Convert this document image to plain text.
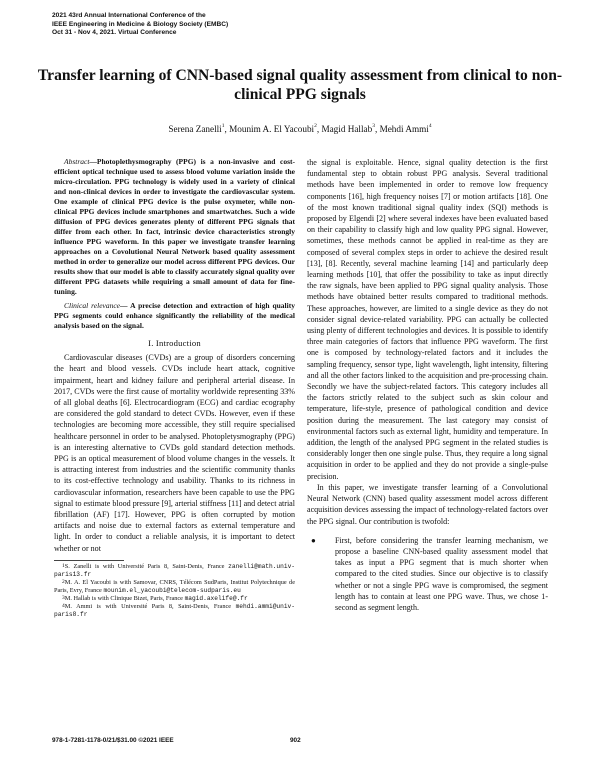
2021 43rd Annual International Conference of the
IEEE Engineering in Medicine & Biology Society (EMBC)
Oct 31 - Nov 4, 2021. Virtual Conference
Transfer learning of CNN-based signal quality assessment from clinical to non-clinical PPG signals
Serena Zanelli$^1$, Mounim A. El Yacoubi$^2$, Magid Hallab$^3$, Mehdi Ammi$^4$

Abstract—Photoplethysmography (PPG) is a non-invasive and cost-efficient optical technique used to assess blood volume variation inside the micro-circulation. PPG technology is widely used in a variety of clinical and non-clinical devices in order to investigate the cardiovascular system. One example of clinical PPG device is the pulse oxymeter, while non-clinical PPG devices include smartphones and smartwatches. Such a wide diffusion of PPG devices generates plenty of different PPG signals that differ from each other. In fact, intrinsic device characteristics strongly influence PPG waveform. In this paper we investigate transfer learning approaches on a Covolutional Neural Network based quality assessment method in order to generalize our model across different PPG devices. Our results show that our model is able to classify accurately signal quality over different PPG datasets while requiring a small amount of data for fine-tuning.

Clinical relevance— A precise detection and extraction of high quality PPG segments could enhance significantly the reliability of the medical analysis based on the signal.

I. Introduction

Cardiovascular diseases (CVDs) are a group of disorders concerning the heart and blood vessels. CVDs include heart attack, cognitive impairment, heart and kidney failure and peripheral arterial disease. In 2017, CVDs were the first cause of mortality worldwide representing 33% of all global deaths [6]. Electrocardiogram (ECG) and cardiac ecography are considered the gold standard to detect CVDs. However, even if these technologies are becoming more accessible, they still require specialised healthcare personnel in order to be analysed. Photopletysmography (PPG) is an interesting alternative to CVDs gold standard detection methods. PPG is an optical measurement of blood volume changes in the vessels. It is attracting interest from industries and the scientific community thanks to its cost-effective technology and usability. Thanks to its richness in cardiovascular information, researchers have been capable to use the PPG signal to estimate blood pressure [9], arterial stiffness [11] and detect atrial fibrillation (AF) [17]. However, PPG is often corrupted by motion artifacts and noise due to external factors as external temperature and light. In order to conduct a reliable analysis, it is important to detect whether or not

$^1$S. Zanelli is with Université Paris 8, Saint-Denis, France zanelli@math.univ-paris13.fr

$^2$M. A. El Yacoubi is with Samovar, CNRS, Télécom SudParis, Institut Polytechnique de Paris, Evry, France mounim.el_yacoubi@telecom-sudparis.eu

$^3$M. Hallab is with Clinique Bizet, Paris, France magid.axelife@.fr

$^4$M. Ammi is with Université Paris 8, Saint-Denis, France mehdi.ammi@univ-paris8.fr

the signal is exploitable. Hence, signal quality detection is the first fundamental step to obtain robust PPG analysis. Several traditional methods have been implemented in order to remove low frequency components [16], high frequency noises [7] or motion artifacts [18]. One of the most known traditional signal quality index (SQI) methods is proposed by Elgendi [2] where several indexes have been evaluated based on their capability to classify high and low quality PPG signal. However, sometimes, these methods cannot be applied in real-time as they are composed of several complex steps in order to achieve the desired result [13], [8]. Recently, several machine learning [14] and particularly deep learning methods [10], that offer the possibility to take as input directly the raw signals, have been applied to PPG signal quality analysis. Those methods have obtained better results compared to traditional methods. These approaches, however, are limited to a single device as they do not consider signal device-related variability. PPG can actually be collected using plenty of different technologies and devices. It is possible to identify three main categories of factors that influence PPG waveform. The first one is composed by technology-related factors and it includes the sampling frequency, sensor type, light wavelength, light intensity, filtering and all the other factors linked to the acquisition and pre-processing chain. Secondly we have the subject-related factors. This category includes all the factors strictly related to the subject such as skin colour and temperature, life-style, presence of pathological condition and device position during the measurement. The last category may consist of environmental factors such as external light, humidity and temperature. In addition, the length of the analysed PPG segment in the related studies is considerably longer then one single pulse. Thus, they require a long signal acquisition in order to be applied and they do not provide a single-pulse precision.

In this paper, we investigate transfer learning of a Convolutional Neural Network (CNN) based quality assessment model across different acquisition devices assessing the impact of technology-related factors over the PPG signal. Our contribution is twofold:

●	First, before considering the transfer learning mechanism, we propose a baseline CNN-based quality assessment model that takes as input a PPG segment that is much shorter when compared to the cited studies. Since our objective is to classify whether or not a single PPG wave is compromised, the segment length has to contain at least one PPG wave. Thus, we chose 1-second as segment length.
978-1-7281-1178-0/21/$31.00 ©2021 IEEE	902
